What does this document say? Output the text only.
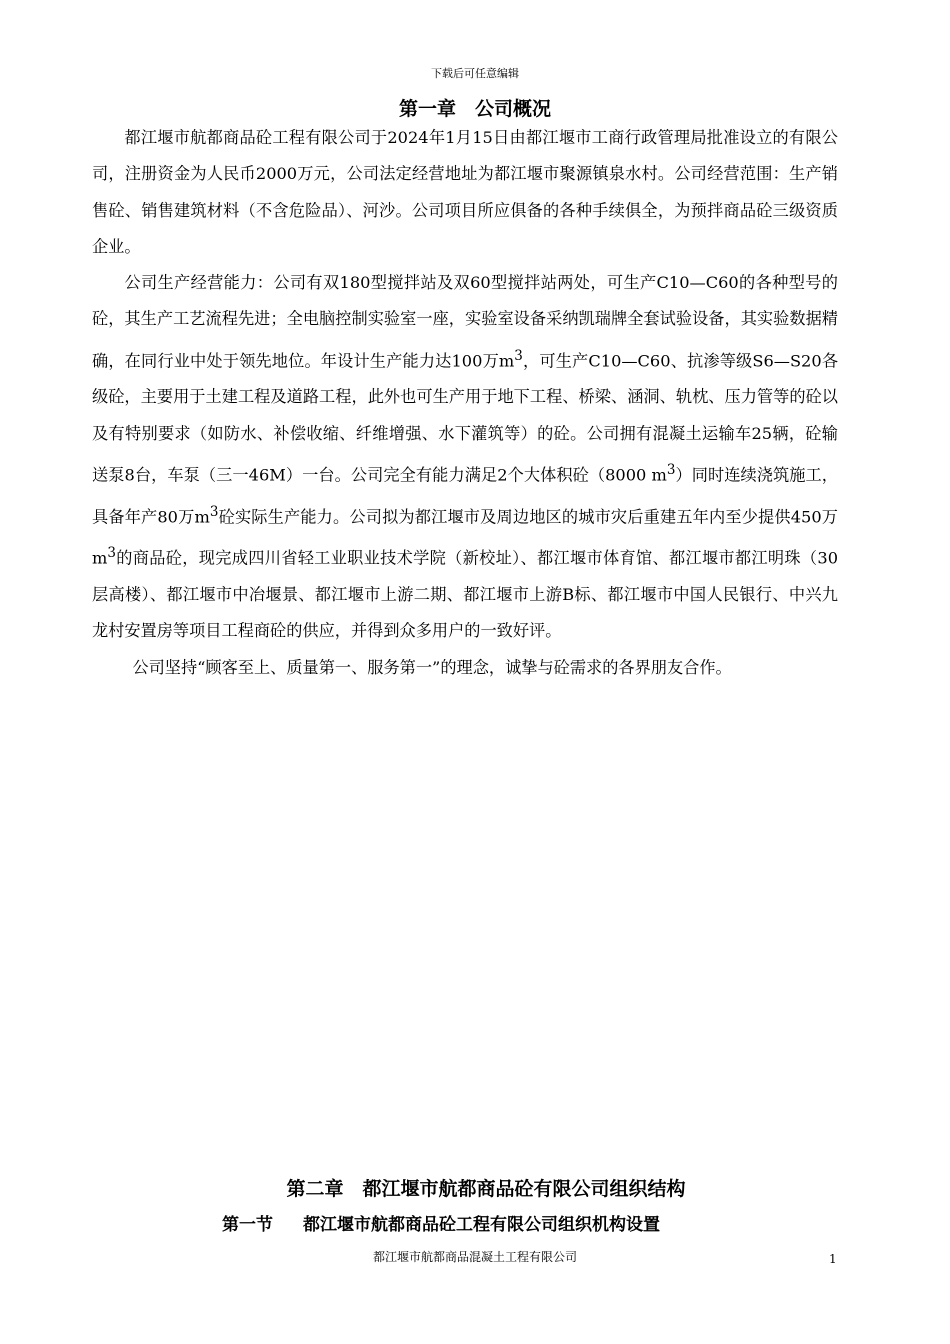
下载后可任意编辑
第一章　公司概况

都江堰市航都商品砼工程有限公司于2024年1月15日由都江堰市工商行政管理局批准设立的有限公司，注册资金为人民币2000万元，公司法定经营地址为都江堰市聚源镇泉水村。公司经营范围：生产销售砼、销售建筑材料（不含危险品）、河沙。公司项目所应俱备的各种手续俱全，为预拌商品砼三级资质企业。

公司生产经营能力：公司有双180型搅拌站及双60型搅拌站两处，可生产C10—C60的各种型号的砼，其生产工艺流程先进；全电脑控制实验室一座，实验室设备采纳凯瑞牌全套试验设备，其实验数据精确，在同行业中处于领先地位。年设计生产能力达100万$m^3$，可生产C10—C60、抗渗等级S6—S20各级砼，主要用于土建工程及道路工程，此外也可生产用于地下工程、桥梁、涵洞、轨枕、压力管等的砼以及有特别要求（如防水、补偿收缩、纤维增强、水下灌筑等）的砼。公司拥有混凝土运输车25辆，砼输送泵8台，车泵（三一46M）一台。公司完全有能力满足2个大体积砼（8000 $m^3$）同时连续浇筑施工，具备年产80万$m^3$砼实际生产能力。公司拟为都江堰市及周边地区的城市灾后重建五年内至少提供450万$m^3$的商品砼，现完成四川省轻工业职业技术学院（新校址）、都江堰市体育馆、都江堰市都江明珠（30层高楼）、都江堰市中冶堰景、都江堰市上游二期、都江堰市上游B标、都江堰市中国人民银行、中兴九龙村安置房等项目工程商砼的供应，并得到众多用户的一致好评。

公司坚持“顾客至上、质量第一、服务第一”的理念，诚挚与砼需求的各界朋友合作。

第二章　都江堰市航都商品砼有限公司组织结构
第一节 都江堰市航都商品砼工程有限公司组织机构设置
都江堰市航都商品混凝土工程有限公司	1
